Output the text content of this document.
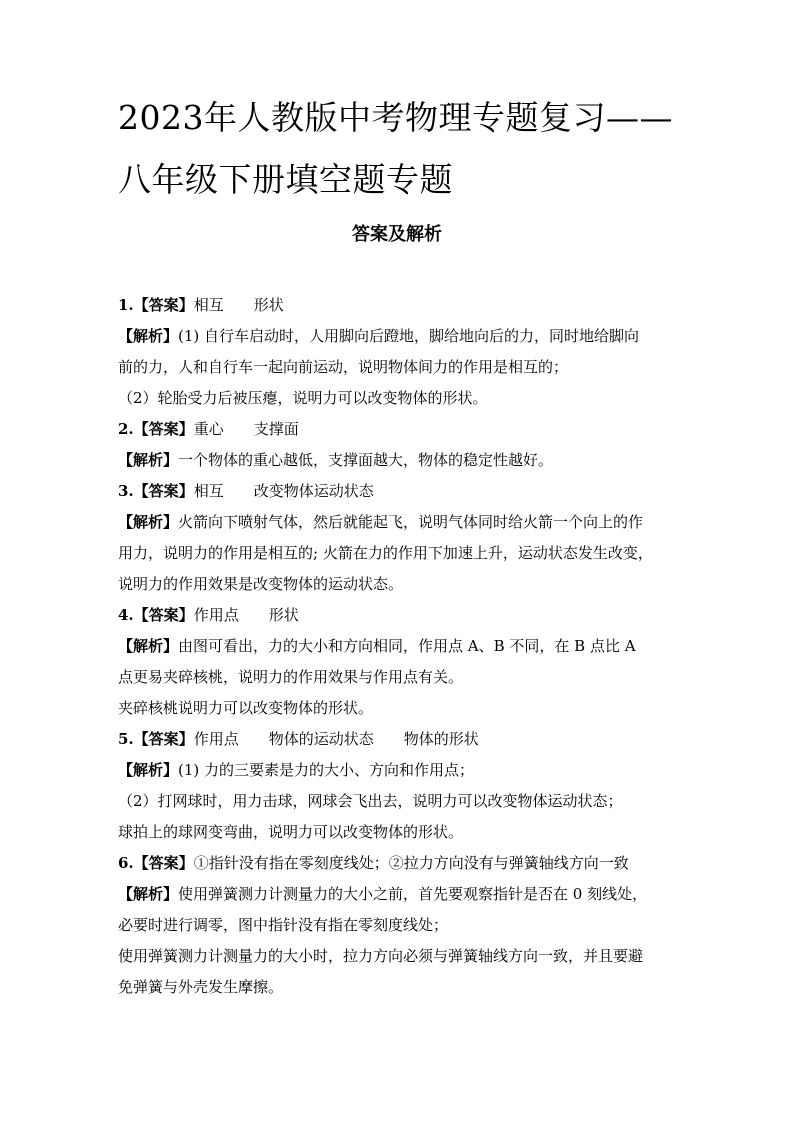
2023年人教版中考物理专题复习——
八年级下册填空题专题
答案及解析
1.【答案】相互 形状
【解析】(1) 自行车启动时，人用脚向后蹬地，脚给地向后的力，同时地给脚向
前的力，人和自行车一起向前运动，说明物体间力的作用是相互的；
（2）轮胎受力后被压瘪，说明力可以改变物体的形状。
2.【答案】重心 支撑面
【解析】一个物体的重心越低，支撑面越大，物体的稳定性越好。
3.【答案】相互 改变物体运动状态
【解析】火箭向下喷射气体，然后就能起飞，说明气体同时给火箭一个向上的作
用力，说明力的作用是相互的; 火箭在力的作用下加速上升，运动状态发生改变，
说明力的作用效果是改变物体的运动状态。
4.【答案】作用点 形状
【解析】由图可看出，力的大小和方向相同，作用点 A、B 不同，在 B 点比 A
点更易夹碎核桃，说明力的作用效果与作用点有关。
夹碎核桃说明力可以改变物体的形状。
5.【答案】作用点 物体的运动状态 物体的形状
【解析】(1) 力的三要素是力的大小、方向和作用点；
（2）打网球时，用力击球，网球会飞出去，说明力可以改变物体运动状态；
球拍上的球网变弯曲，说明力可以改变物体的形状。
6.【答案】①指针没有指在零刻度线处；②拉力方向没有与弹簧轴线方向一致
【解析】使用弹簧测力计测量力的大小之前，首先要观察指针是否在 0 刻线处，
必要时进行调零，图中指针没有指在零刻度线处；
使用弹簧测力计测量力的大小时，拉力方向必须与弹簧轴线方向一致，并且要避
免弹簧与外壳发生摩擦。
